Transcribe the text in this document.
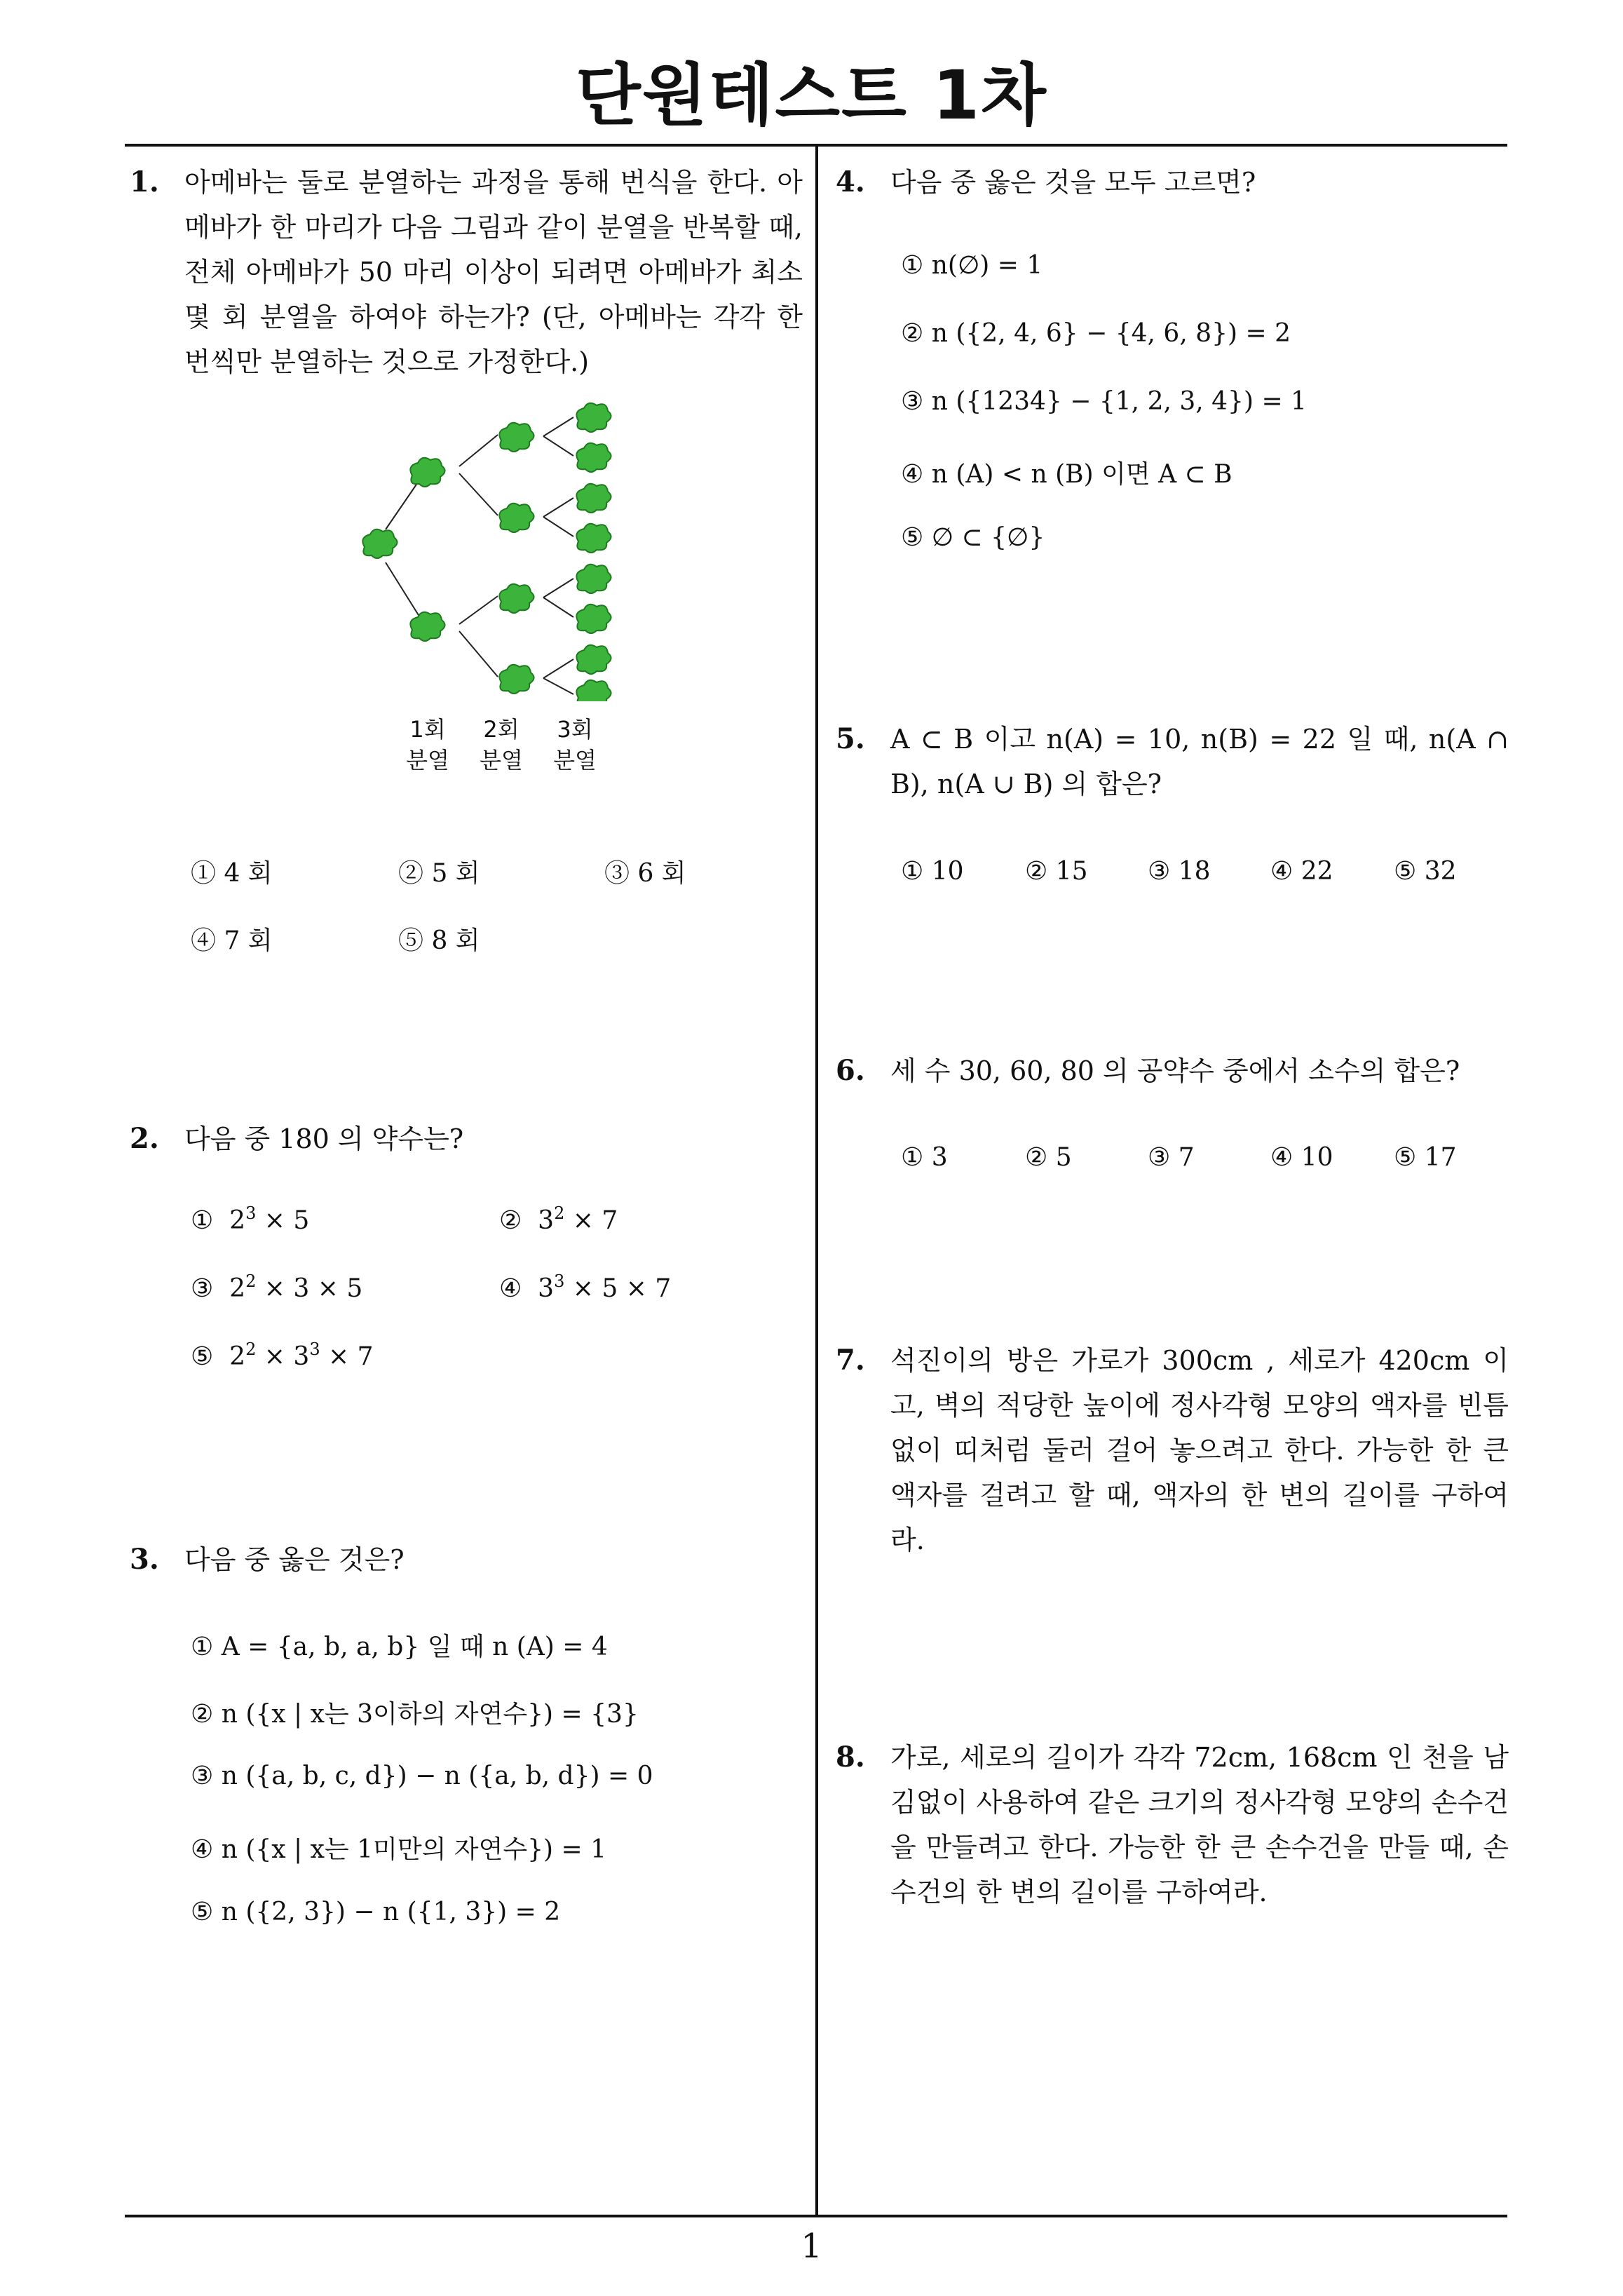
단원테스트 1차
1. 아메바는 둘로 분열하는 과정을 통해 번식을 한다. 아메바가 한 마리가 다음 그림과 같이 분열을 반복할 때, 전체 아메바가 50 마리 이상이 되려면 아메바가 최소 몇 회 분열을 하여야 하는가? (단, 아메바는 각각 한 번씩만 분열하는 것으로 가정한다.)
1회
분열
2회
분열
3회
분열
① 4 회	② 5 회	③ 6 회
④ 7 회	⑤ 8 회
2. 다음 중 180 의 약수는?
① $2^3 \times 5$	② $3^2 \times 7$
③ $2^2 \times 3 \times 5$	④ $3^3 \times 5 \times 7$
⑤ $2^2 \times 3^3 \times 7$
3. 다음 중 옳은 것은?
① A = {a, b, a, b} 일 때 n (A) = 4
② n ({x | x는 3이하의 자연수}) = {3}
③ n ({a, b, c, d}) − n ({a, b, d}) = 0
④ n ({x | x는 1미만의 자연수}) = 1
⑤ n ({2, 3}) − n ({1, 3}) = 2
4. 다음 중 옳은 것을 모두 고르면?
① n(∅) = 1
② n ({2, 4, 6} − {4, 6, 8}) = 2
③ n ({1234} − {1, 2, 3, 4}) = 1
④ n (A) < n (B) 이면 A ⊂ B
⑤ ∅ ⊂ {∅}
5. A ⊂ B 이고 n(A) = 10, n(B) = 22 일 때, n(A ∩ B), n(A ∪ B) 의 합은?
① 10 ② 15 ③ 18 ④ 22 ⑤ 32
6. 세 수 30, 60, 80 의 공약수 중에서 소수의 합은?
① 3	② 5	③ 7	④ 10 ⑤ 17
7. 석진이의 방은 가로가 300cm , 세로가 420cm 이고, 벽의 적당한 높이에 정사각형 모양의 액자를 빈틈없이 띠처럼 둘러 걸어 놓으려고 한다. 가능한 한 큰 액자를 걸려고 할 때, 액자의 한 변의 길이를 구하여라.
8. 가로, 세로의 길이가 각각 72cm, 168cm 인 천을 남김없이 사용하여 같은 크기의 정사각형 모양의 손수건을 만들려고 한다. 가능한 한 큰 손수건을 만들 때, 손수건의 한 변의 길이를 구하여라.
1
